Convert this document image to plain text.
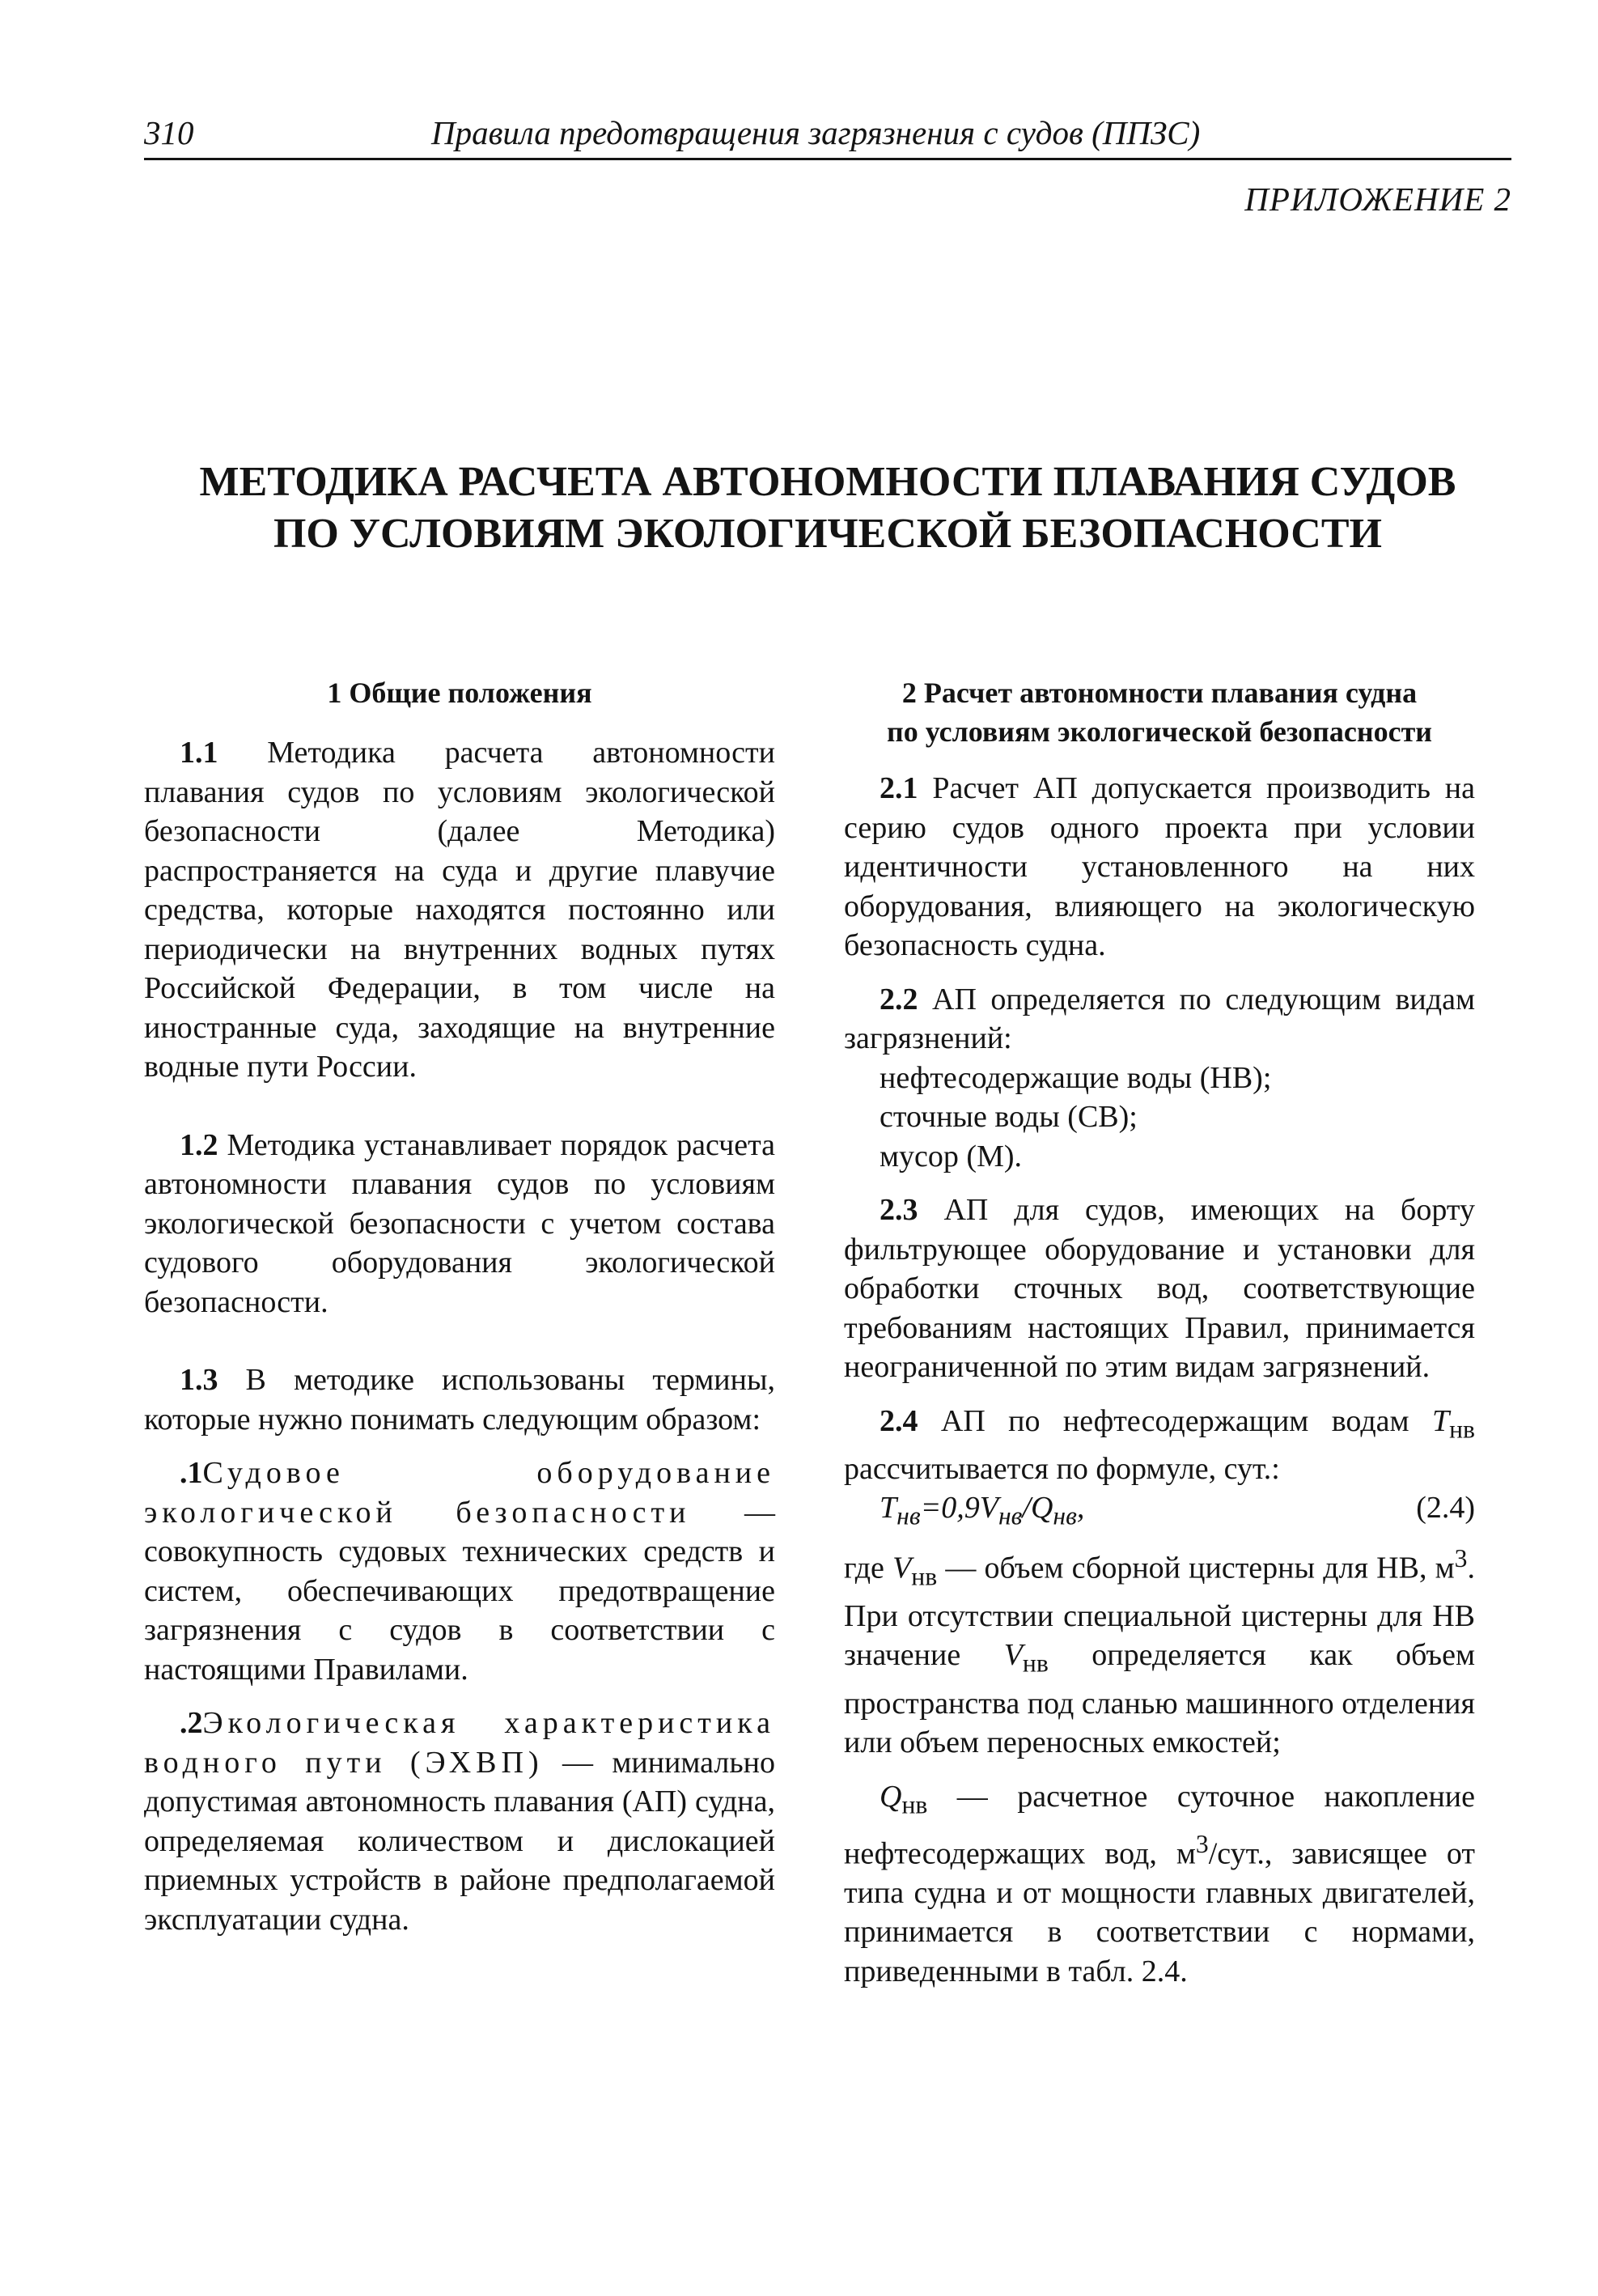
310	Правила предотвращения загрязнения с судов (ППЗС)
ПРИЛОЖЕНИЕ 2
МЕТОДИКА РАСЧЕТА АВТОНОМНОСТИ ПЛАВАНИЯ СУДОВ
ПО УСЛОВИЯМ ЭКОЛОГИЧЕСКОЙ БЕЗОПАСНОСТИ
1 Общие положения

1.1 Методика расчета автономности плавания судов по условиям экологической безопасности (далее Методика) распространяется на суда и другие плавучие средства, которые находятся постоянно или периодически на внутренних водных путях Российской Федерации, в том числе на иностранные суда, заходящие на внутренние водные пути России.

1.2 Методика устанавливает порядок расчета автономности плавания судов по условиям экологической безопасности с учетом состава судового оборудования экологической безопасности.

1.3 В методике использованы термины, которые нужно понимать следующим образом:

.1Судовое оборудование экологической безопасности — совокупность судовых технических средств и систем, обеспечивающих предотвращение загрязнения с судов в соответствии с настоящими Правилами.

.2Экологическая характеристика водного пути (ЭХВП) — минимально допустимая автономность плавания (АП) судна, определяемая количеством и дислокацией приемных устройств в районе предполагаемой эксплуатации судна.

2 Расчет автономности плавания судна
по условиям экологической безопасности

2.1 Расчет АП допускается производить на серию судов одного проекта при условии идентичности установленного на них оборудования, влияющего на экологическую безопасность судна.

2.2 АП определяется по следующим видам загрязнений:

нефтесодержащие воды (НВ);
сточные воды (СВ);
мусор (М).

2.3 АП для судов, имеющих на борту фильтрующее оборудование и установки для обработки сточных вод, соответствующие требованиям настоящих Правил, принимается неограниченной по этим видам загрязнений.

2.4 АП по нефтесодержащим водам $Т_{нв}$ рассчитывается по формуле, сут.:

$Т_{нв}=0,9V_{нв}/Q_{нв}$,	(2.4)

где $V_{нв}$ — объем сборной цистерны для НВ, $м^3$. При отсутствии специальной цистерны для НВ значение $V_{нв}$ определяется как объем пространства под сланью машинного отделения или объем переносных емкостей;

$Q_{нв}$ — расчетное суточное накопление нефтесодержащих вод, $м^3$/сут., зависящее от типа судна и от мощности главных двигателей, принимается в соответствии с нормами, приведенными в табл. 2.4.
